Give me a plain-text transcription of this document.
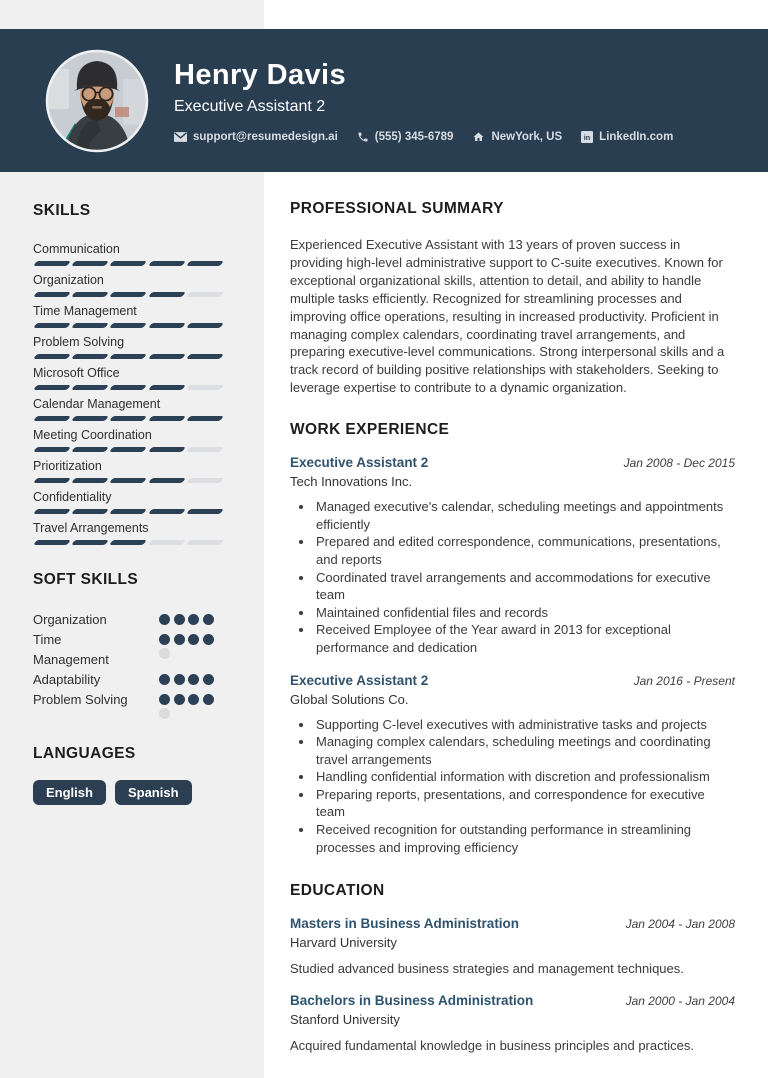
Henry Davis
Executive Assistant 2
support@resumedesign.ai	(555) 345-6789	NewYork, US	in LinkedIn.com
SKILLS
Communication
Organization
Time Management
Problem Solving
Microsoft Office
Calendar Management
Meeting Coordination
Prioritization
Confidentiality
Travel Arrangements
SOFT SKILLS
Organization
Time Management
Adaptability
Problem Solving
LANGUAGES
English	Spanish
PROFESSIONAL SUMMARY

Experienced Executive Assistant with 13 years of proven success in providing high-level administrative support to C-suite executives. Known for exceptional organizational skills, attention to detail, and ability to handle multiple tasks efficiently. Recognized for streamlining processes and improving office operations, resulting in increased productivity. Proficient in managing complex calendars, coordinating travel arrangements, and preparing executive-level communications. Strong interpersonal skills and a track record of building positive relationships with stakeholders. Seeking to leverage expertise to contribute to a dynamic organization.

WORK EXPERIENCE
Executive Assistant 2	Jan 2008 - Dec 2015
Tech Innovations Inc.
• Managed executive's calendar, scheduling meetings and appointments efficiently
• Prepared and edited correspondence, communications, presentations, and reports
• Coordinated travel arrangements and accommodations for executive team
• Maintained confidential files and records
• Received Employee of the Year award in 2013 for exceptional performance and dedication
Executive Assistant 2	Jan 2016 - Present
Global Solutions Co.
• Supporting C-level executives with administrative tasks and projects
• Managing complex calendars, scheduling meetings and coordinating travel arrangements
• Handling confidential information with discretion and professionalism
• Preparing reports, presentations, and correspondence for executive team
• Received recognition for outstanding performance in streamlining processes and improving efficiency
EDUCATION
Masters in Business Administration	Jan 2004 - Jan 2008
Harvard University
Studied advanced business strategies and management techniques.
Bachelors in Business Administration	Jan 2000 - Jan 2004
Stanford University
Acquired fundamental knowledge in business principles and practices.
